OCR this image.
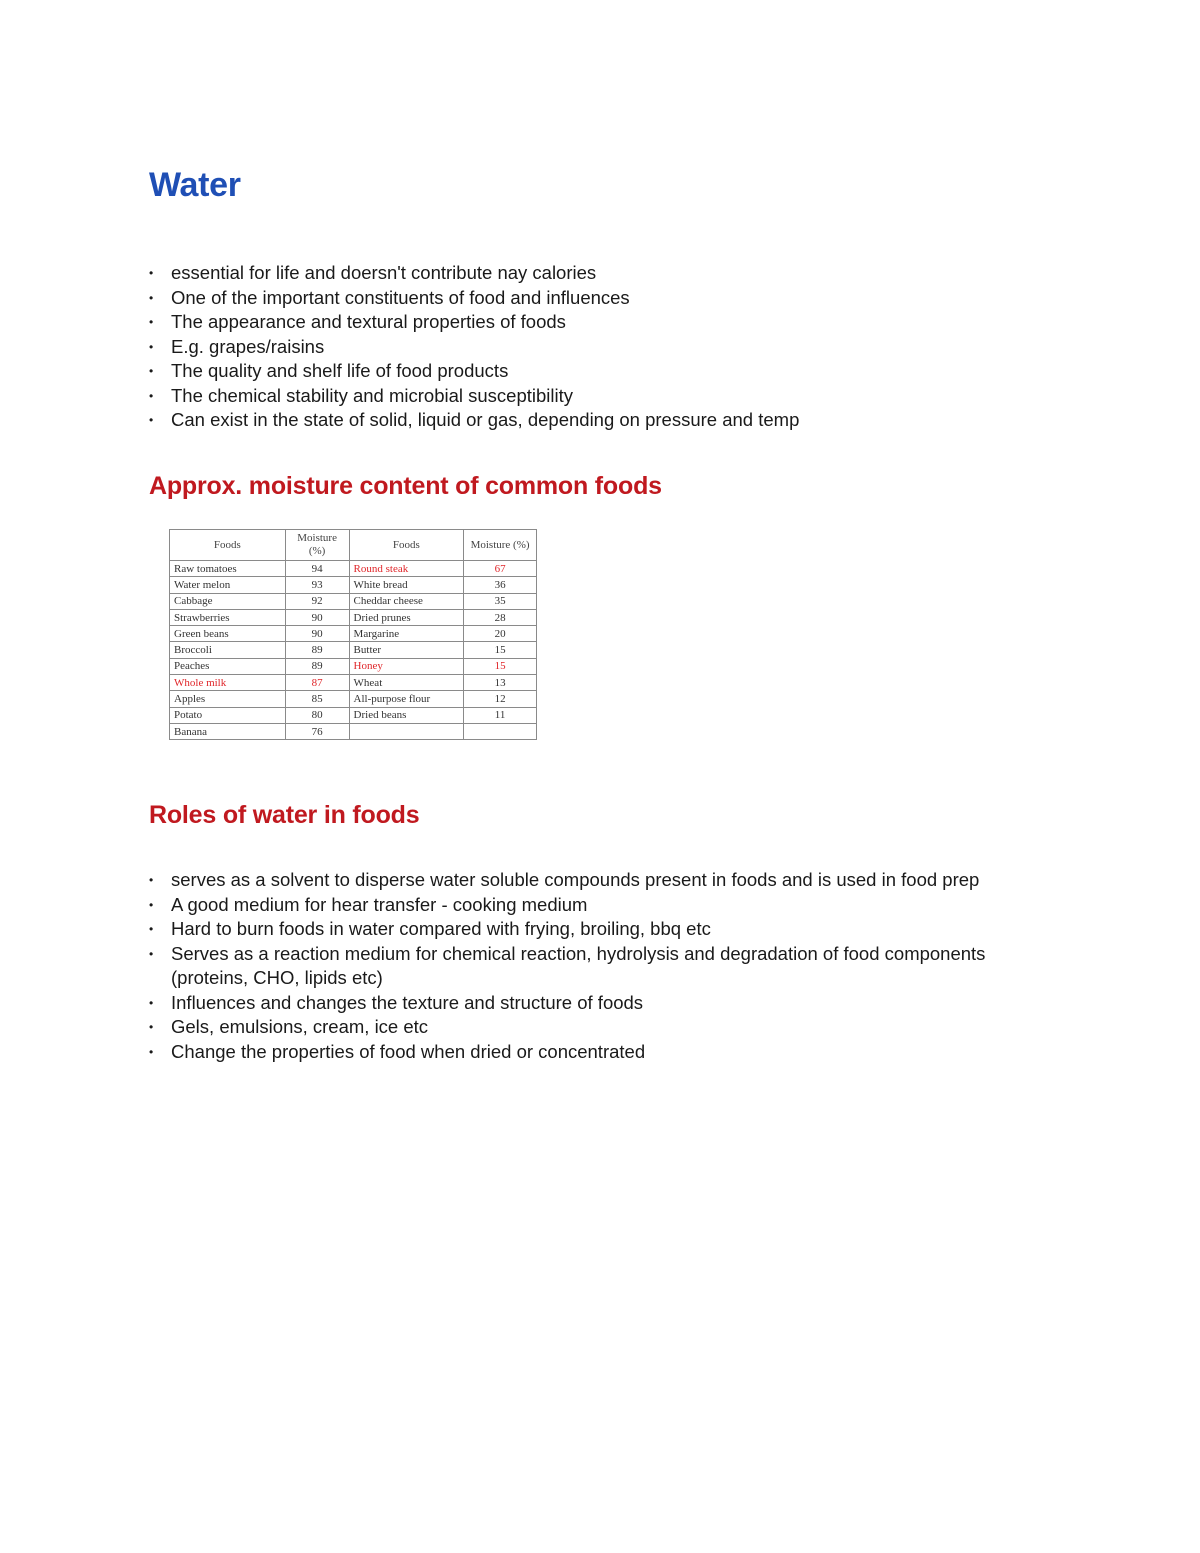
Water
• essential for life and doersn't contribute nay calories
• One of the important constituents of food and influences
• The appearance and textural properties of foods
• E.g. grapes/raisins
• The quality and shelf life of food products
• The chemical stability and microbial susceptibility
• Can exist in the state of solid, liquid or gas, depending on pressure and temp
Approx. moisture content of common foods
Foods	Moisture (%)	Foods	Moisture (%)
Raw tomatoes	94	Round steak	67
Water melon	93	White bread	36
Cabbage	92	Cheddar cheese	35
Strawberries	90	Dried prunes	28
Green beans	90	Margarine	20
Broccoli	89	Butter	15
Peaches	89	Honey	15
Whole milk	87	Wheat	13
Apples	85	All-purpose flour	12
Potato	80	Dried beans	11
Banana	76		
Roles of water in foods
• serves as a solvent to disperse water soluble compounds present in foods and is used in food prep
• A good medium for hear transfer - cooking medium
• Hard to burn foods in water compared with frying, broiling, bbq etc
• Serves as a reaction medium for chemical reaction, hydrolysis and degradation of food components (proteins, CHO, lipids etc)
• Influences and changes the texture and structure of foods
• Gels, emulsions, cream, ice etc
• Change the properties of food when dried or concentrated
